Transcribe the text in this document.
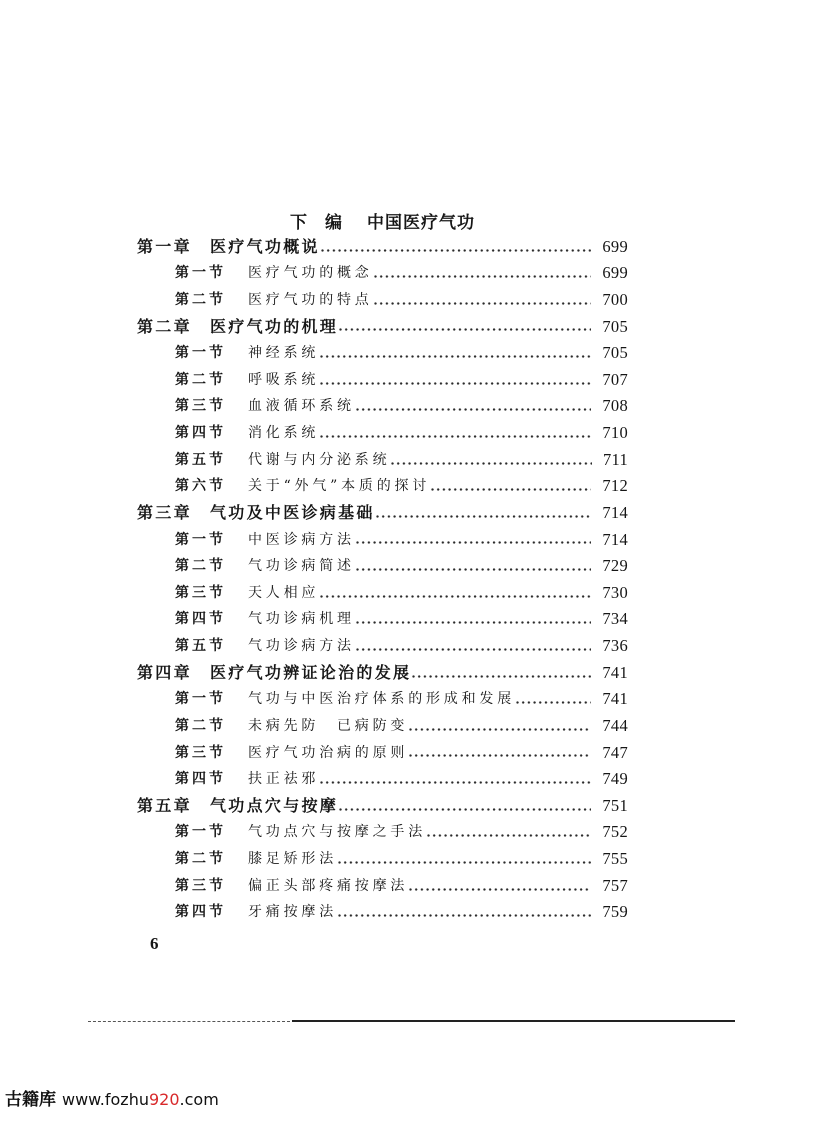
下 编 中国医疗气功
第一章	医疗气功概说	699
第一节	医疗气功的概念	699
第二节	医疗气功的特点	700
第二章	医疗气功的机理	705
第一节	神经系统	705
第二节	呼吸系统	707
第三节	血液循环系统	708
第四节	消化系统	710
第五节	代谢与内分泌系统	711
第六节	关于“外气”本质的探讨	712
第三章	气功及中医诊病基础	714
第一节	中医诊病方法	714
第二节	气功诊病简述	729
第三节	天人相应	730
第四节	气功诊病机理	734
第五节	气功诊病方法	736
第四章	医疗气功辨证论治的发展	741
第一节	气功与中医治疗体系的形成和发展	741
第二节	未病先防　已病防变	744
第三节	医疗气功治病的原则	747
第四节	扶正祛邪	749
第五章	气功点穴与按摩	751
第一节	气功点穴与按摩之手法	752
第二节	膝足矫形法	755
第三节	偏正头部疼痛按摩法	757
第四节	牙痛按摩法	759
6
古籍库 www.fozhu920.com
